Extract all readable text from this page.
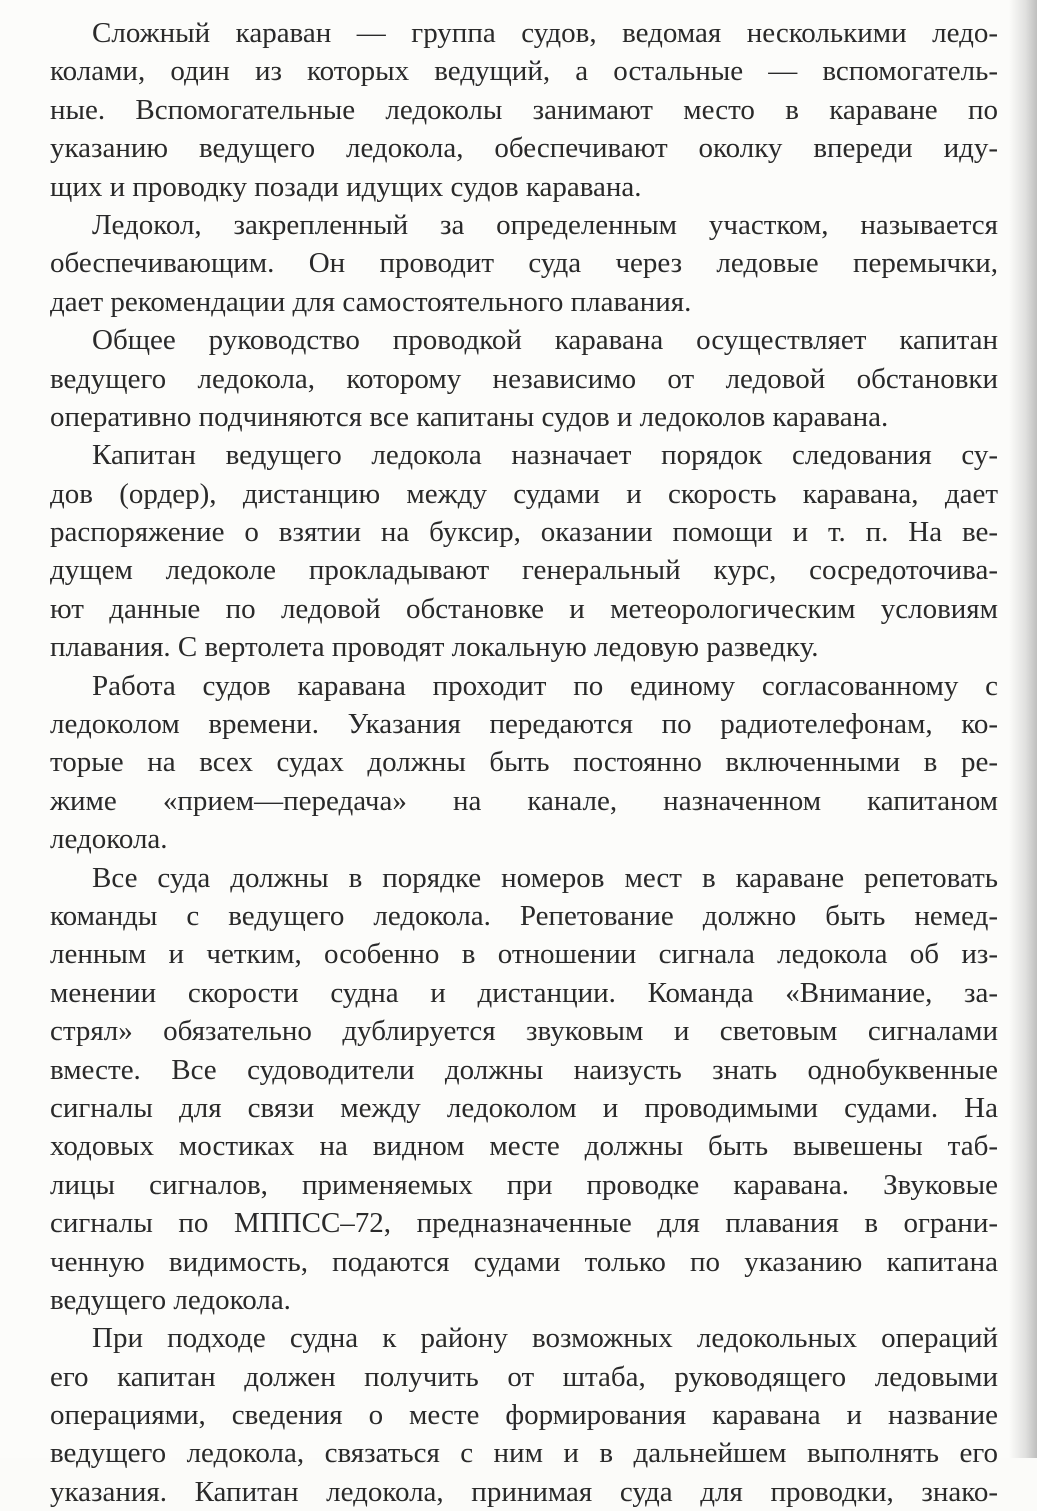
Сложный караван — группа судов, ведомая несколькими ледо-
колами, один из которых ведущий, а остальные — вспомогатель-
ные. Вспомогательные ледоколы занимают место в караване по
указанию ведущего ледокола, обеспечивают околку впереди иду-
щих и проводку позади идущих судов каравана.
Ледокол, закрепленный за определенным участком, называется
обеспечивающим. Он проводит суда через ледовые перемычки,
дает рекомендации для самостоятельного плавания.
Общее руководство проводкой каравана осуществляет капитан
ведущего ледокола, которому независимо от ледовой обстановки
оперативно подчиняются все капитаны судов и ледоколов каравана.
Капитан ведущего ледокола назначает порядок следования су-
дов (ордер), дистанцию между судами и скорость каравана, дает
распоряжение о взятии на буксир, оказании помощи и т. п. На ве-
дущем ледоколе прокладывают генеральный курс, сосредоточива-
ют данные по ледовой обстановке и метеорологическим условиям
плавания. С вертолета проводят локальную ледовую разведку.
Работа судов каравана проходит по единому согласованному с
ледоколом времени. Указания передаются по радиотелефонам, ко-
торые на всех судах должны быть постоянно включенными в ре-
жиме «прием—передача» на канале, назначенном капитаном
ледокола.
Все суда должны в порядке номеров мест в караване репетовать
команды с ведущего ледокола. Репетование должно быть немед-
ленным и четким, особенно в отношении сигнала ледокола об из-
менении скорости судна и дистанции. Команда «Внимание, за-
стрял» обязательно дублируется звуковым и световым сигналами
вместе. Все судоводители должны наизусть знать однобуквенные
сигналы для связи между ледоколом и проводимыми судами. На
ходовых мостиках на видном месте должны быть вывешены таб-
лицы сигналов, применяемых при проводке каравана. Звуковые
сигналы по МППСС–72, предназначенные для плавания в ограни-
ченную видимость, подаются судами только по указанию капитана
ведущего ледокола.
При подходе судна к району возможных ледокольных операций
его капитан должен получить от штаба, руководящего ледовыми
операциями, сведения о месте формирования каравана и название
ведущего ледокола, связаться с ним и в дальнейшем выполнять его
указания. Капитан ледокола, принимая суда для проводки, знако-
